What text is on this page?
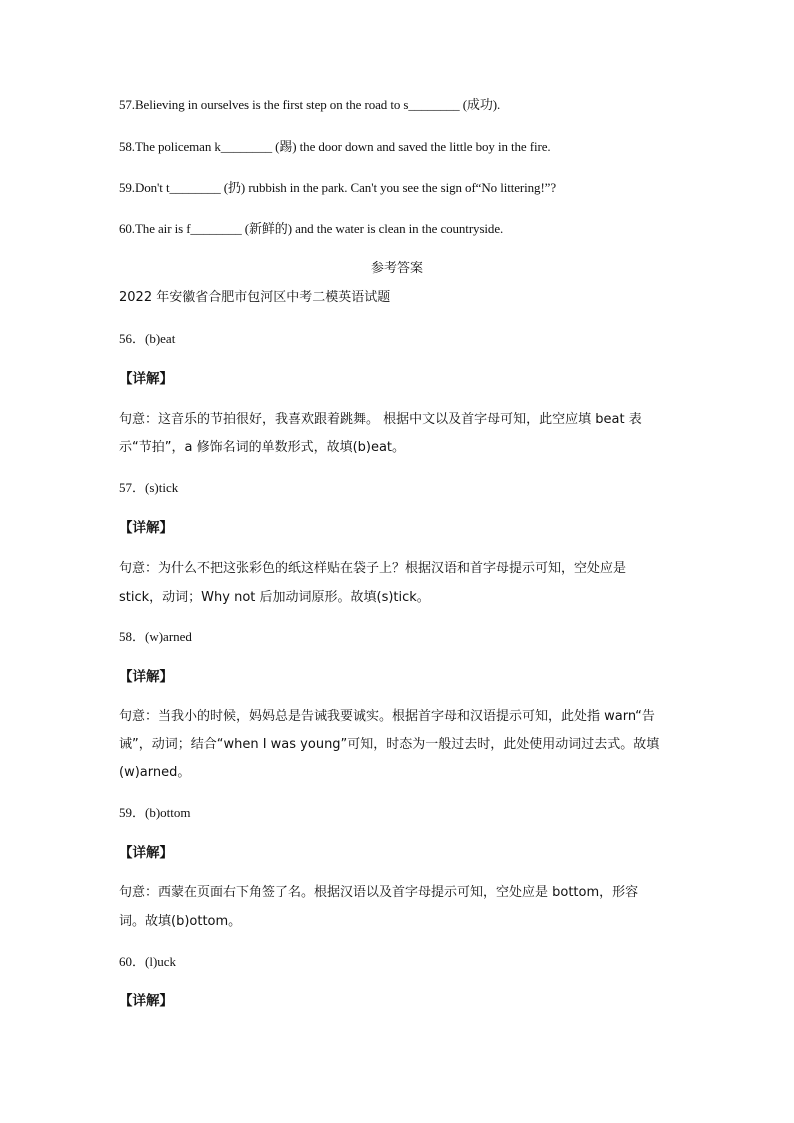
57.Believing in ourselves is the first step on the road to s________ (成功).
58.The policeman k________ (踢) the door down and saved the little boy in the fire.
59.Don't t________ (扔) rubbish in the park. Can't you see the sign of“No littering!”?
60.The air is f________ (新鲜的) and the water is clean in the countryside.
参考答案
2022 年安徽省合肥市包河区中考二模英语试题
56．(b)eat
【详解】
句意：这音乐的节拍很好，我喜欢跟着跳舞。 根据中文以及首字母可知，此空应填 beat 表
示“节拍”，a 修饰名词的单数形式，故填(b)eat。
57．(s)tick
【详解】
句意：为什么不把这张彩色的纸这样贴在袋子上？根据汉语和首字母提示可知，空处应是
stick，动词；Why not 后加动词原形。故填(s)tick。
58．(w)arned
【详解】
句意：当我小的时候，妈妈总是告诫我要诚实。根据首字母和汉语提示可知，此处指 warn“告
诫”，动词；结合“when I was young”可知，时态为一般过去时，此处使用动词过去式。故填
(w)arned。
59．(b)ottom
【详解】
句意：西蒙在页面右下角签了名。根据汉语以及首字母提示可知，空处应是 bottom，形容
词。故填(b)ottom。
60．(l)uck
【详解】
